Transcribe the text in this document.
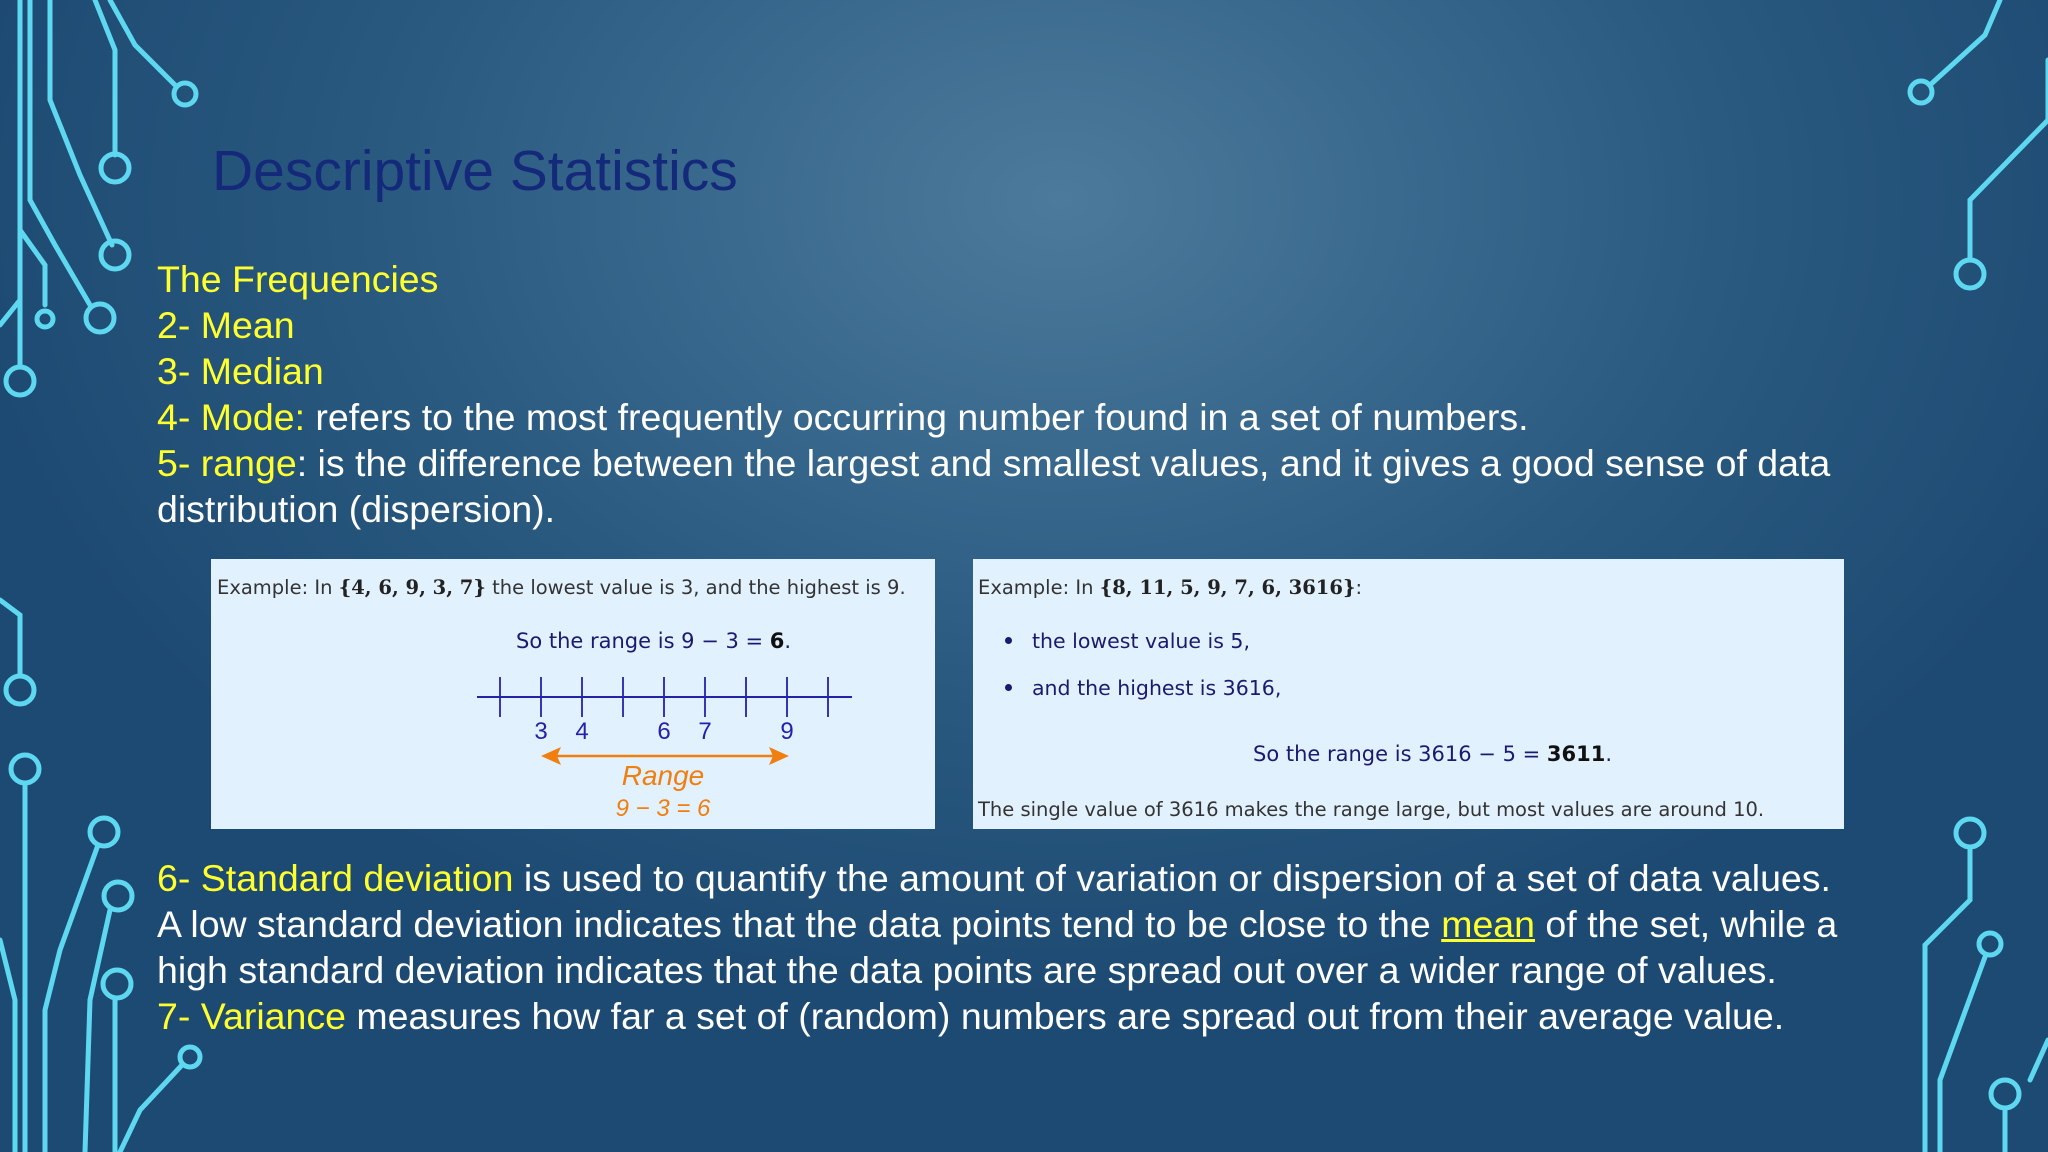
Descriptive Statistics
The Frequencies
2- Mean
3- Median
4- Mode: refers to the most frequently occurring number found in a set of numbers.
5- range: is the difference between the largest and smallest values, and it gives a good sense of data
distribution (dispersion).
Example: In {4, 6, 9, 3, 7} the lowest value is 3, and the highest is 9.
So the range is 9 − 3 = 6.
3 4	6 7	9
Range
9 − 3 = 6
Example: In {8, 11, 5, 9, 7, 6, 3616}:
the lowest value is 5,
and the highest is 3616,
So the range is 3616 − 5 = 3611.
The single value of 3616 makes the range large, but most values are around 10.
6- Standard deviation is used to quantify the amount of variation or dispersion of a set of data values.
A low standard deviation indicates that the data points tend to be close to the mean of the set, while a
high standard deviation indicates that the data points are spread out over a wider range of values.
7- Variance measures how far a set of (random) numbers are spread out from their average value.
